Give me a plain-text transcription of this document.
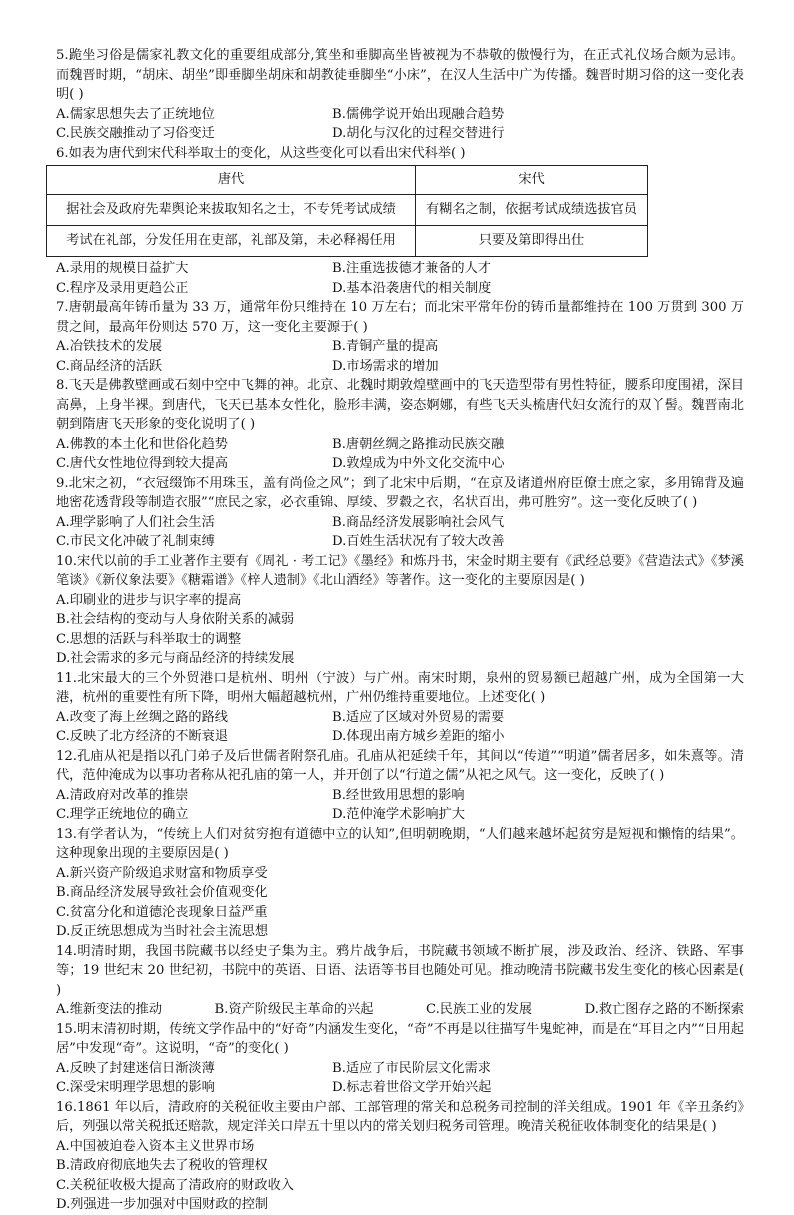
5.跪坐习俗是儒家礼教文化的重要组成部分,箕坐和垂脚高坐皆被视为不恭敬的傲慢行为，在正式礼仪场合颇为忌讳。而魏晋时期，“胡床、胡坐”即垂脚坐胡床和胡教徒垂脚坐“小床”，在汉人生活中广为传播。魏晋时期习俗的这一变化表明( )

A.儒家思想失去了正统地位	B.儒佛学说开始出现融合趋势
C.民族交融推动了习俗变迁	D.胡化与汉化的过程交替进行

6.如表为唐代到宋代科举取士的变化，从这些变化可以看出宋代科举( )

唐代	宋代
据社会及政府先辈舆论来拔取知名之士，不专凭考试成绩	有糊名之制，依据考试成绩选拔官员
考试在礼部，分发任用在吏部，礼部及第，未必释褐任用	只要及第即得出仕
A.录用的规模日益扩大	B.注重选拔德才兼备的人才
C.程序及录用更趋公正	D.基本沿袭唐代的相关制度

7.唐朝最高年铸币量为 33 万，通常年份只维持在 10 万左右；而北宋平常年份的铸币量都维持在 100 万贯到 300 万贯之间，最高年份则达 570 万，这一变化主要源于( )

A.冶铁技术的发展	B.青铜产量的提高
C.商品经济的活跃	D.市场需求的增加

8.飞天是佛教壁画或石刻中空中飞舞的神。北京、北魏时期敦煌壁画中的飞天造型带有男性特征，腰系印度围裙，深目高鼻，上身半裸。到唐代，飞天已基本女性化，脸形丰满，姿态婀娜，有些飞天头梳唐代妇女流行的双丫髻。魏晋南北朝到隋唐飞天形象的变化说明了( )

A.佛教的本土化和世俗化趋势	B.唐朝丝绸之路推动民族交融
C.唐代女性地位得到较大提高	D.敦煌成为中外文化交流中心

9.北宋之初，“衣冠缀饰不用珠玉，盖有尚俭之风”；到了北宋中后期，“在京及诸道州府臣僚士庶之家，多用锦背及遍地密花透背段等制造衣服”“庶民之家，必衣重锦、厚绫、罗縠之衣，名状百出，弗可胜穷”。这一变化反映了( )

A.理学影响了人们社会生活	B.商品经济发展影响社会风气
C.市民文化冲破了礼制束缚	D.百姓生活状况有了较大改善

10.宋代以前的手工业著作主要有《周礼 · 考工记》《墨经》和炼丹书，宋金时期主要有《武经总要》《营造法式》《梦溪笔谈》《新仪象法要》《糖霜谱》《梓人遗制》《北山酒经》等著作。这一变化的主要原因是( )

A.印刷业的进步与识字率的提高
B.社会结构的变动与人身依附关系的减弱
C.思想的活跃与科举取士的调整
D.社会需求的多元与商品经济的持续发展

11.北宋最大的三个外贸港口是杭州、明州（宁波）与广州。南宋时期，泉州的贸易额已超越广州，成为全国第一大港，杭州的重要性有所下降，明州大幅超越杭州，广州仍维持重要地位。上述变化( )

A.改变了海上丝绸之路的路线	B.适应了区域对外贸易的需要
C.反映了北方经济的不断衰退	D.体现出南方城乡差距的缩小

12.孔庙从祀是指以孔门弟子及后世儒者附祭孔庙。孔庙从祀延续千年，其间以“传道”“明道”儒者居多，如朱熹等。清代，范仲淹成为以事功者称从祀孔庙的第一人，并开创了以“行道之儒”从祀之风气。这一变化，反映了( )

A.清政府对改革的推崇	B.经世致用思想的影响
C.理学正统地位的确立	D.范仲淹学术影响扩大

13.有学者认为，“传统上人们对贫穷抱有道德中立的认知”,但明朝晚期，“人们越来越坏起贫穷是短视和懒惰的结果”。这种现象出现的主要原因是( )

A.新兴资产阶级追求财富和物质享受
B.商品经济发展导致社会价值观变化
C.贫富分化和道德沦丧现象日益严重
D.反正统思想成为当时社会主流思想

14.明清时期，我国书院藏书以经史子集为主。鸦片战争后，书院藏书领域不断扩展，涉及政治、经济、铁路、军事等；19 世纪末 20 世纪初，书院中的英语、日语、法语等书目也随处可见。推动晚清书院藏书发生变化的核心因素是( )

A.维新变法的推动	B.资产阶级民主革命的兴起	C.民族工业的发展	D.救亡图存之路的不断探索

15.明末清初时期，传统文学作品中的“好奇”内涵发生变化，“奇”不再是以往描写牛鬼蛇神，而是在“耳目之内”“日用起居”中发现“奇”。这说明，“奇”的变化( )

A.反映了封建迷信日渐淡薄	B.适应了市民阶层文化需求
C.深受宋明理学思想的影响	D.标志着世俗文学开始兴起

16.1861 年以后，清政府的关税征收主要由户部、工部管理的常关和总税务司控制的洋关组成。1901 年《辛丑条约》后，列强以常关税抵还赔款，规定洋关口岸五十里以内的常关划归税务司管理。晚清关税征收体制变化的结果是( )

A.中国被迫卷入资本主义世界市场
B.清政府彻底地失去了税收的管理权
C.关税征收极大提高了清政府的财政收入
D.列强进一步加强对中国财政的控制
